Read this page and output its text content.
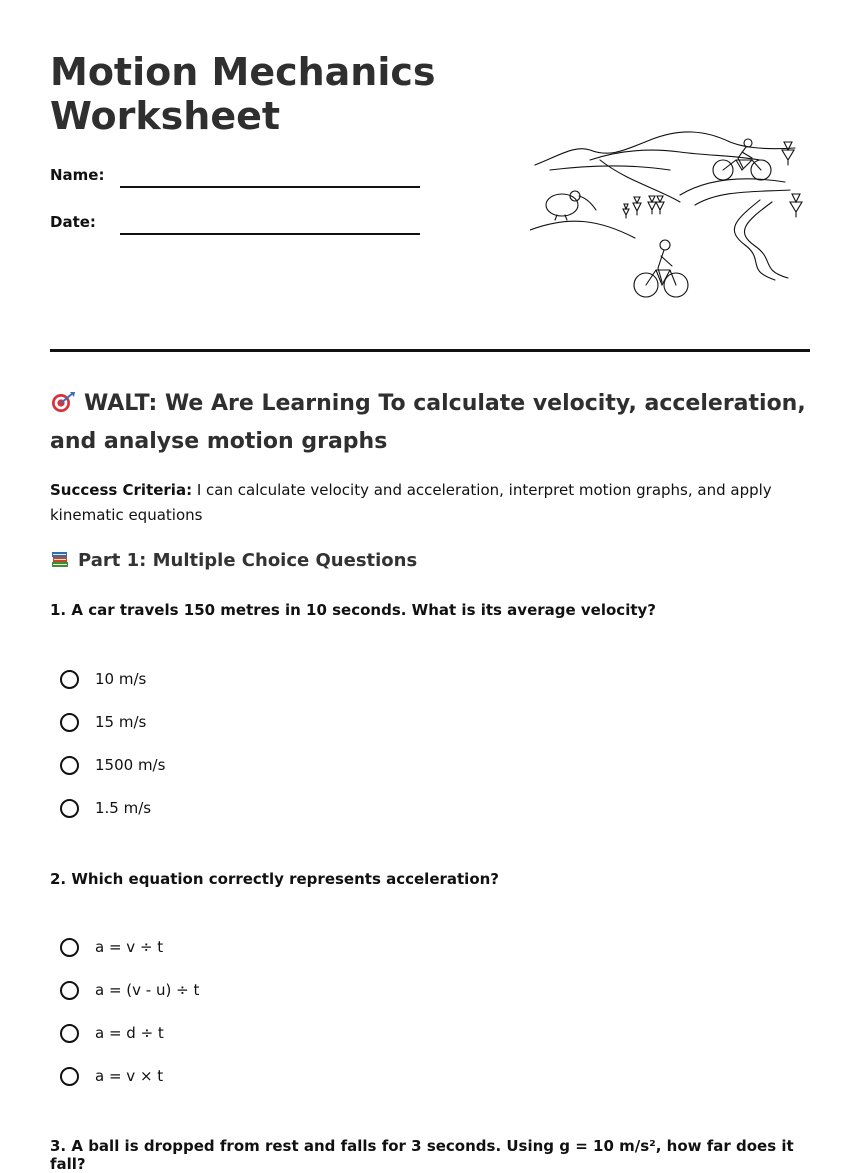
Motion Mechanics Worksheet
Name:
Date:
WALT: We Are Learning To calculate velocity, acceleration, and analyse motion graphs
Success Criteria: I can calculate velocity and acceleration, interpret motion graphs, and apply kinematic equations
Part 1: Multiple Choice Questions
1. A car travels 150 metres in 10 seconds. What is its average velocity?
10 m/s
15 m/s
1500 m/s
1.5 m/s
2. Which equation correctly represents acceleration?
a = v ÷ t
a = (v - u) ÷ t
a = d ÷ t
a = v × t
3. A ball is dropped from rest and falls for 3 seconds. Using g = 10 m/s², how far does it fall?
